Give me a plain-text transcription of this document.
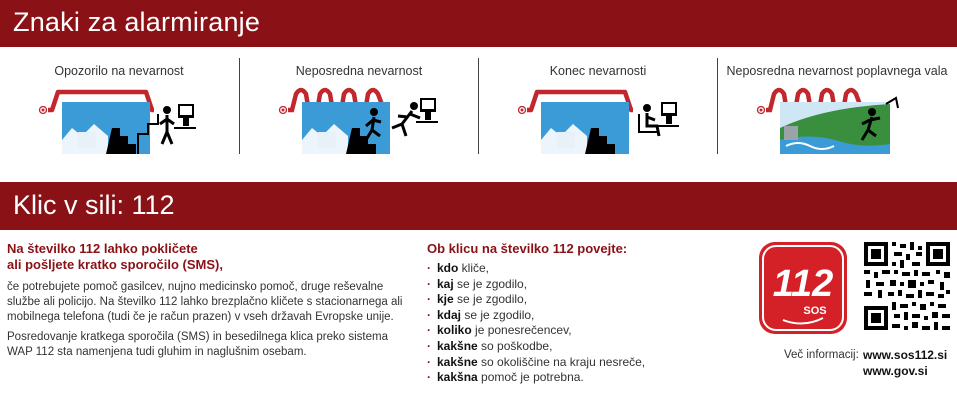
Znaki za alarmiranje
Opozorilo na nevarnost	Neposredna nevarnost	Konec nevarnosti	Neposredna nevarnost poplavnega vala
Klic v sili: 112
Na številko 112 lahko pokličete
ali pošljete kratko sporočilo (SMS),

če potrebujete pomoč gasilcev, nujno medicinsko pomoč, druge reševalne službe ali policijo. Na številko 112 lahko brezplačno kličete s stacionarnega ali mobilnega telefona (tudi če je račun prazen) v vseh državah Evropske unije.

Posredovanje kratkega sporočila (SMS) in besedilnega klica preko sistema WAP 112 sta namenjena tudi gluhim in naglušnim osebam.

Ob klicu na številko 112 povejte:
· kdo kliče,
· kaj se je zgodilo,
· kje se je zgodilo,
· kdaj se je zgodilo,
· koliko je ponesrečencev,
· kakšne so poškodbe,
· kakšne so okoliščine na kraju nesreče,
· kakšna pomoč je potrebna.
112
SOS
Več informacij: www.sos112.si
www.gov.si
